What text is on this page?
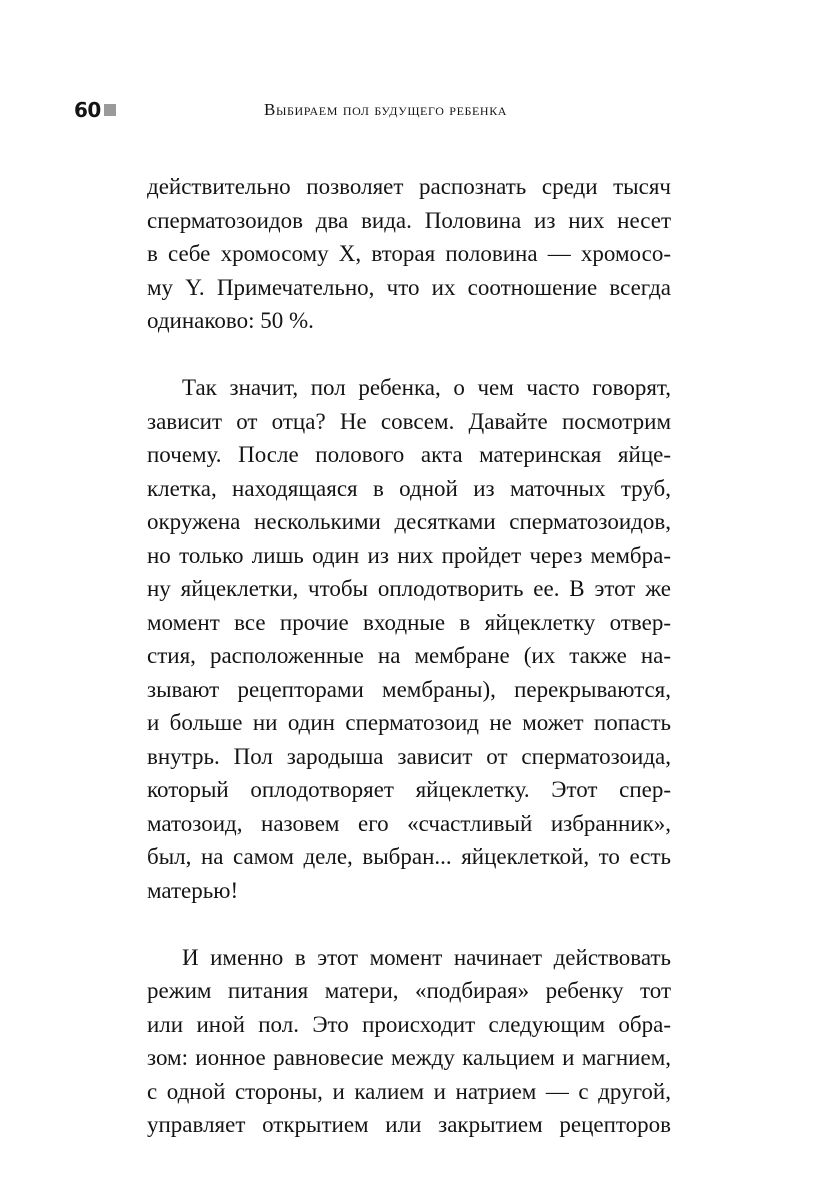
60	Выбираем пол будущего ребенка

действительно позволяет распознать среди тысяч
сперматозоидов два вида. Половина из них несет
в себе хромосому X, вторая половина — хромосо-
му Y. Примечательно, что их соотношение всегда
одинаково: 50 %.

Так значит, пол ребенка, о чем часто говорят,
зависит от отца? Не совсем. Давайте посмотрим
почему. После полового акта материнская яйце-
клетка, находящаяся в одной из маточных труб,
окружена несколькими десятками сперматозоидов,
но только лишь один из них пройдет через мембра-
ну яйцеклетки, чтобы оплодотворить ее. В этот же
момент все прочие входные в яйцеклетку отвер-
стия, расположенные на мембране (их также на-
зывают рецепторами мембраны), перекрываются,
и больше ни один сперматозоид не может попасть
внутрь. Пол зародыша зависит от сперматозоида,
который оплодотворяет яйцеклетку. Этот спер-
матозоид, назовем его «счастливый избранник»,
был, на самом деле, выбран... яйцеклеткой, то есть
матерью!

И именно в этот момент начинает действовать
режим питания матери, «подбирая» ребенку тот
или иной пол. Это происходит следующим обра-
зом: ионное равновесие между кальцием и магнием,
с одной стороны, и калием и натрием — с другой,
управляет открытием или закрытием рецепторов
